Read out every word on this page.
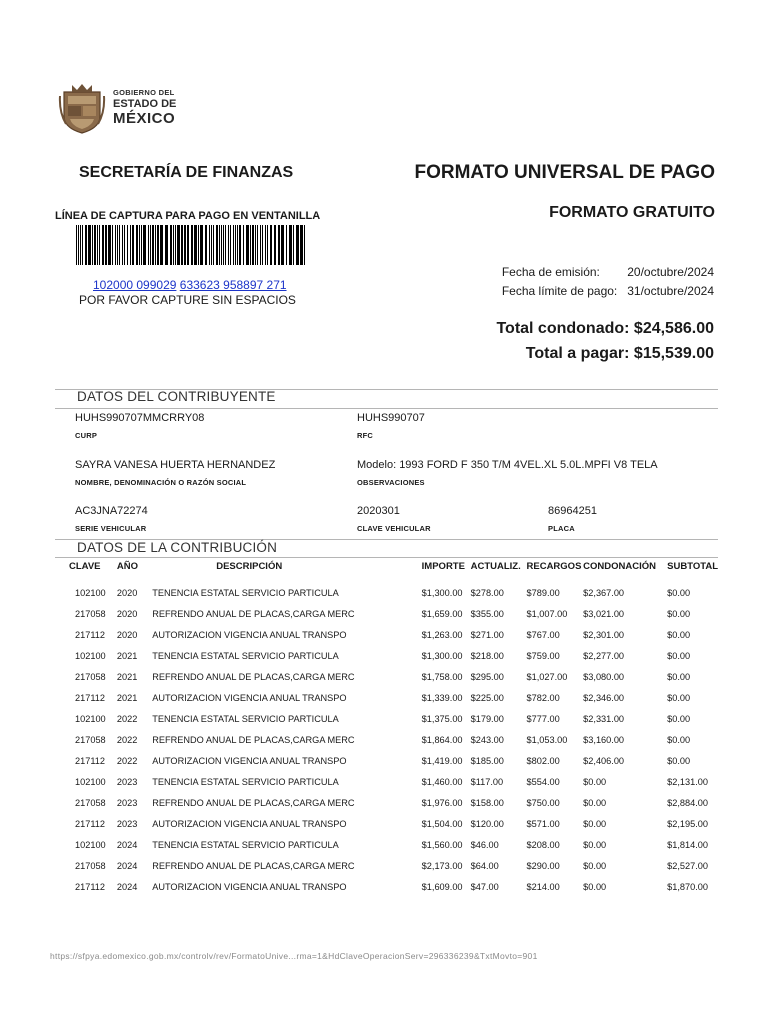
GOBIERNO DEL
ESTADO DE
MÉXICO
SECRETARÍA DE FINANZAS	FORMATO UNIVERSAL DE PAGO
FORMATO GRATUITO
LÍNEA DE CAPTURA PARA PAGO EN VENTANILLA
102000 099029 633623 958897 271
POR FAVOR CAPTURE SIN ESPACIOS
Fecha de emisión:	20/octubre/2024
Fecha límite de pago:	31/octubre/2024
Total condonado: $24,586.00
Total a pagar: $15,539.00
DATOS DEL CONTRIBUYENTE
HUHS990707MMCRRY08
CURP
HUHS990707
RFC
SAYRA VANESA HUERTA HERNANDEZ
NOMBRE, DENOMINACIÓN O RAZÓN SOCIAL
Modelo: 1993 FORD F 350 T/M 4VEL.XL 5.0L.MPFI V8 TELA
OBSERVACIONES
AC3JNA72274
SERIE VEHICULAR
2020301
CLAVE VEHICULAR
86964251
PLACA
DATOS DE LA CONTRIBUCIÓN
CLAVE	AÑO	DESCRIPCIÓN	IMPORTE	ACTUALIZ.	RECARGOS	CONDONACIÓN	SUBTOTAL
102100	2020	TENENCIA ESTATAL SERVICIO PARTICULA	$1,300.00	$278.00	$789.00	$2,367.00	$0.00
217058	2020	REFRENDO ANUAL DE PLACAS,CARGA MERC	$1,659.00	$355.00	$1,007.00	$3,021.00	$0.00
217112	2020	AUTORIZACION VIGENCIA ANUAL TRANSPO	$1,263.00	$271.00	$767.00	$2,301.00	$0.00
102100	2021	TENENCIA ESTATAL SERVICIO PARTICULA	$1,300.00	$218.00	$759.00	$2,277.00	$0.00
217058	2021	REFRENDO ANUAL DE PLACAS,CARGA MERC	$1,758.00	$295.00	$1,027.00	$3,080.00	$0.00
217112	2021	AUTORIZACION VIGENCIA ANUAL TRANSPO	$1,339.00	$225.00	$782.00	$2,346.00	$0.00
102100	2022	TENENCIA ESTATAL SERVICIO PARTICULA	$1,375.00	$179.00	$777.00	$2,331.00	$0.00
217058	2022	REFRENDO ANUAL DE PLACAS,CARGA MERC	$1,864.00	$243.00	$1,053.00	$3,160.00	$0.00
217112	2022	AUTORIZACION VIGENCIA ANUAL TRANSPO	$1,419.00	$185.00	$802.00	$2,406.00	$0.00
102100	2023	TENENCIA ESTATAL SERVICIO PARTICULA	$1,460.00	$117.00	$554.00	$0.00	$2,131.00
217058	2023	REFRENDO ANUAL DE PLACAS,CARGA MERC	$1,976.00	$158.00	$750.00	$0.00	$2,884.00
217112	2023	AUTORIZACION VIGENCIA ANUAL TRANSPO	$1,504.00	$120.00	$571.00	$0.00	$2,195.00
102100	2024	TENENCIA ESTATAL SERVICIO PARTICULA	$1,560.00	$46.00	$208.00	$0.00	$1,814.00
217058	2024	REFRENDO ANUAL DE PLACAS,CARGA MERC	$2,173.00	$64.00	$290.00	$0.00	$2,527.00
217112	2024	AUTORIZACION VIGENCIA ANUAL TRANSPO	$1,609.00	$47.00	$214.00	$0.00	$1,870.00
https://sfpya.edomexico.gob.mx/controlv/rev/FormatoUnive...rma=1&HdClaveOperacionServ=296336239&TxtMovto=901
